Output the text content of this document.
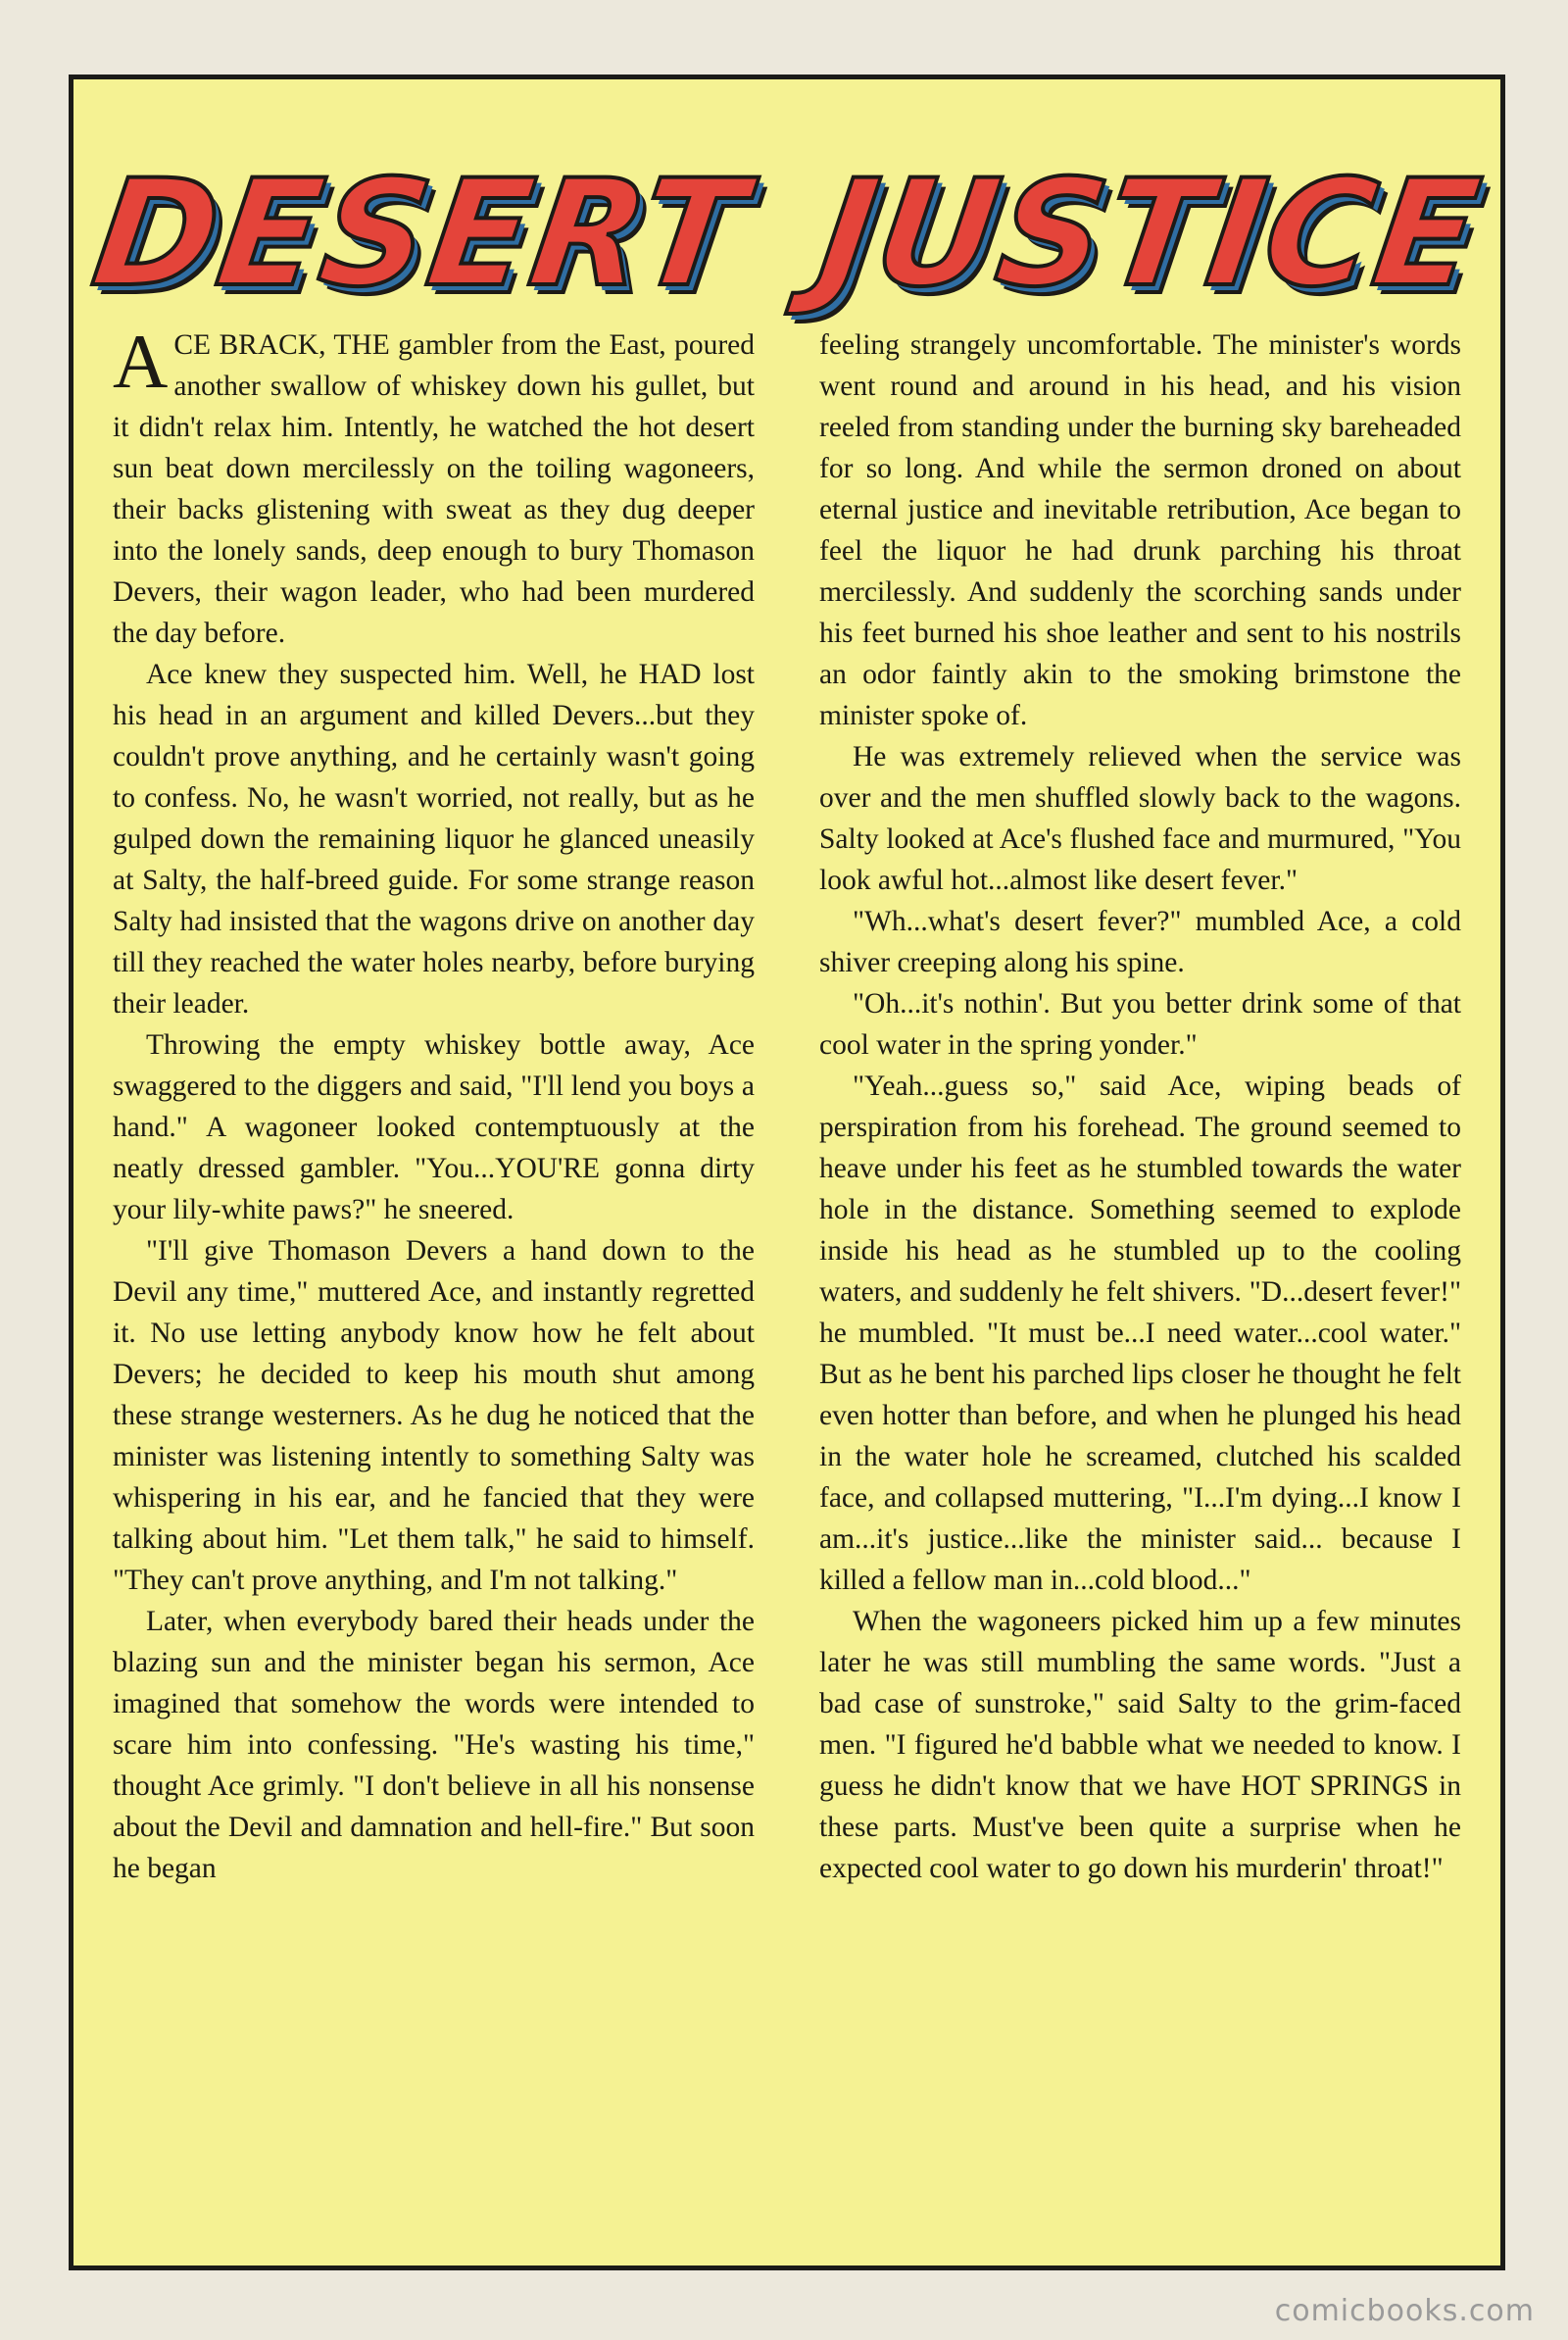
DESERT JUSTICE

ACE BRACK, THE gambler from the East, poured another swallow of whiskey down his gullet, but it didn't relax him. Intently, he watched the hot desert sun beat down mercilessly on the toiling wagoneers, their backs glistening with sweat as they dug deeper into the lonely sands, deep enough to bury Thomason Devers, their wagon leader, who had been murdered the day before.

Ace knew they suspected him. Well, he HAD lost his head in an argument and killed Devers...but they couldn't prove anything, and he certainly wasn't going to confess. No, he wasn't worried, not really, but as he gulped down the remaining liquor he glanced uneasily at Salty, the half-breed guide. For some strange reason Salty had insisted that the wagons drive on another day till they reached the water holes nearby, before burying their leader.

Throwing the empty whiskey bottle away, Ace swaggered to the diggers and said, "I'll lend you boys a hand." A wagoneer looked contemptuously at the neatly dressed gambler. "You...YOU'RE gonna dirty your lily-white paws?" he sneered.

"I'll give Thomason Devers a hand down to the Devil any time," muttered Ace, and instantly regretted it. No use letting anybody know how he felt about Devers; he decided to keep his mouth shut among these strange westerners. As he dug he noticed that the minister was listening intently to something Salty was whispering in his ear, and he fancied that they were talking about him. "Let them talk," he said to himself. "They can't prove anything, and I'm not talking."

Later, when everybody bared their heads under the blazing sun and the minister began his sermon, Ace imagined that somehow the words were intended to scare him into confessing. "He's wasting his time," thought Ace grimly. "I don't believe in all his nonsense about the Devil and damnation and hell-fire." But soon he began

feeling strangely uncomfortable. The minister's words went round and around in his head, and his vision reeled from standing under the burning sky bareheaded for so long. And while the sermon droned on about eternal justice and inevitable retribution, Ace began to feel the liquor he had drunk parching his throat mercilessly. And suddenly the scorching sands under his feet burned his shoe leather and sent to his nostrils an odor faintly akin to the smoking brimstone the minister spoke of.

He was extremely relieved when the service was over and the men shuffled slowly back to the wagons. Salty looked at Ace's flushed face and murmured, "You look awful hot...almost like desert fever."

"Wh...what's desert fever?" mumbled Ace, a cold shiver creeping along his spine.

"Oh...it's nothin'. But you better drink some of that cool water in the spring yonder."

"Yeah...guess so," said Ace, wiping beads of perspiration from his forehead. The ground seemed to heave under his feet as he stumbled towards the water hole in the distance. Something seemed to explode inside his head as he stumbled up to the cooling waters, and suddenly he felt shivers. "D...desert fever!" he mumbled. "It must be...I need water...cool water." But as he bent his parched lips closer he thought he felt even hotter than before, and when he plunged his head in the water hole he screamed, clutched his scalded face, and collapsed muttering, "I...I'm dying...I know I am...it's justice...like the minister said... because I killed a fellow man in...cold blood..."

When the wagoneers picked him up a few minutes later he was still mumbling the same words. "Just a bad case of sunstroke," said Salty to the grim-faced men. "I figured he'd babble what we needed to know. I guess he didn't know that we have HOT SPRINGS in these parts. Must've been quite a surprise when he expected cool water to go down his murderin' throat!"

comicbooks.com
